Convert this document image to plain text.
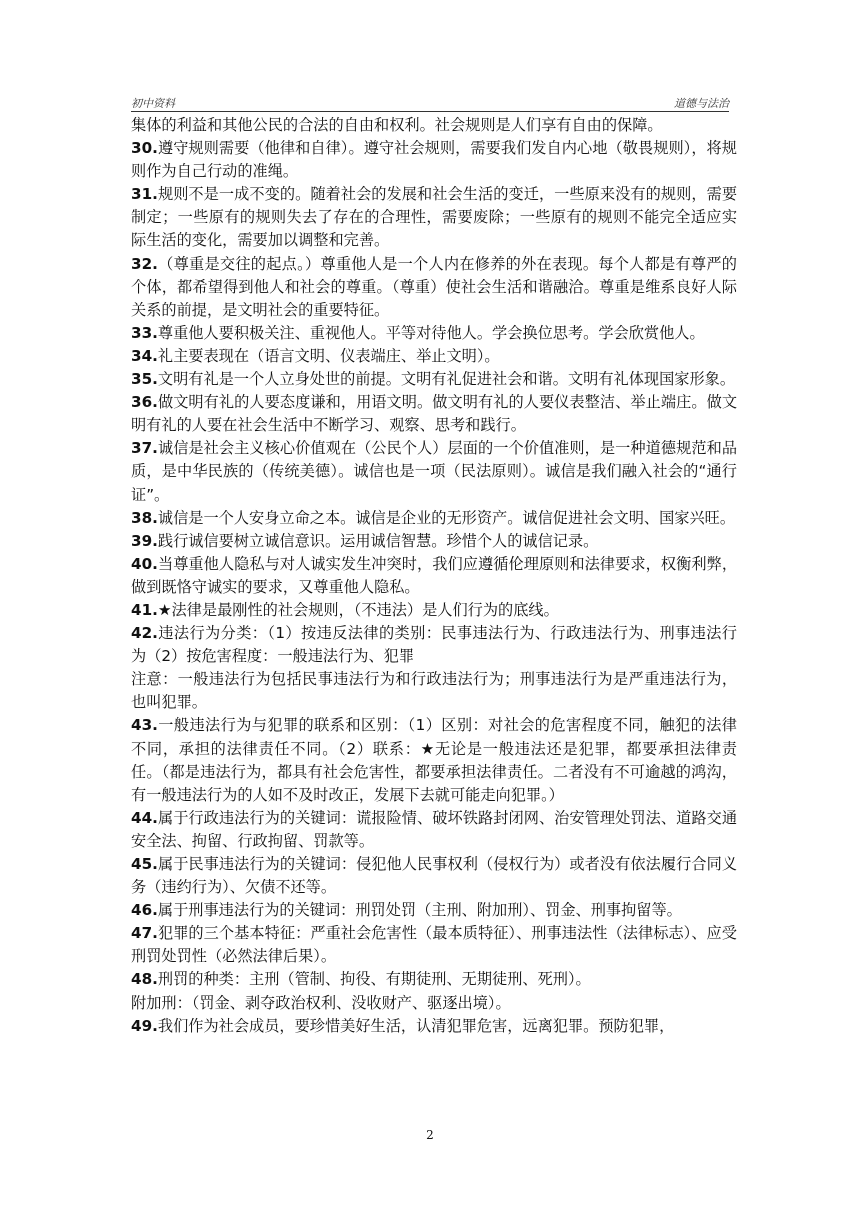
初中资料	道德与法治

集体的利益和其他公民的合法的自由和权利。社会规则是人们享有自由的保障。

30.遵守规则需要（他律和自律）。遵守社会规则，需要我们发自内心地（敬畏规则），将规则作为自己行动的准绳。

31.规则不是一成不变的。随着社会的发展和社会生活的变迁，一些原来没有的规则，需要制定；一些原有的规则失去了存在的合理性，需要废除；一些原有的规则不能完全适应实际生活的变化，需要加以调整和完善。

32.（尊重是交往的起点。）尊重他人是一个人内在修养的外在表现。每个人都是有尊严的个体，都希望得到他人和社会的尊重。（尊重）使社会生活和谐融洽。尊重是维系良好人际关系的前提，是文明社会的重要特征。

33.尊重他人要积极关注、重视他人。平等对待他人。学会换位思考。学会欣赏他人。

34.礼主要表现在（语言文明、仪表端庄、举止文明）。

35.文明有礼是一个人立身处世的前提。文明有礼促进社会和谐。文明有礼体现国家形象。

36.做文明有礼的人要态度谦和，用语文明。做文明有礼的人要仪表整洁、举止端庄。做文明有礼的人要在社会生活中不断学习、观察、思考和践行。

37.诚信是社会主义核心价值观在（公民个人）层面的一个价值准则，是一种道德规范和品质，是中华民族的（传统美德）。诚信也是一项（民法原则）。诚信是我们融入社会的“通行证”。

38.诚信是一个人安身立命之本。诚信是企业的无形资产。诚信促进社会文明、国家兴旺。

39.践行诚信要树立诚信意识。运用诚信智慧。珍惜个人的诚信记录。

40.当尊重他人隐私与对人诚实发生冲突时，我们应遵循伦理原则和法律要求，权衡利弊，做到既恪守诚实的要求，又尊重他人隐私。

41.★法律是最刚性的社会规则，（不违法）是人们行为的底线。

42.违法行为分类：（1）按违反法律的类别：民事违法行为、行政违法行为、刑事违法行为（2）按危害程度：一般违法行为、犯罪

注意：一般违法行为包括民事违法行为和行政违法行为；刑事违法行为是严重违法行为，也叫犯罪。

43.一般违法行为与犯罪的联系和区别：（1）区别：对社会的危害程度不同，触犯的法律不同，承担的法律责任不同。（2）联系：★无论是一般违法还是犯罪，都要承担法律责任。（都是违法行为，都具有社会危害性，都要承担法律责任。二者没有不可逾越的鸿沟，有一般违法行为的人如不及时改正，发展下去就可能走向犯罪。）

44.属于行政违法行为的关键词：谎报险情、破坏铁路封闭网、治安管理处罚法、道路交通安全法、拘留、行政拘留、罚款等。

45.属于民事违法行为的关键词：侵犯他人民事权利（侵权行为）或者没有依法履行合同义务（违约行为）、欠债不还等。

46.属于刑事违法行为的关键词：刑罚处罚（主刑、附加刑）、罚金、刑事拘留等。

47.犯罪的三个基本特征：严重社会危害性（最本质特征）、刑事违法性（法律标志）、应受刑罚处罚性（必然法律后果）。

48.刑罚的种类：主刑（管制、拘役、有期徒刑、无期徒刑、死刑）。

附加刑：（罚金、剥夺政治权利、没收财产、驱逐出境）。

49.我们作为社会成员，要珍惜美好生活，认清犯罪危害，远离犯罪。预防犯罪，

2
